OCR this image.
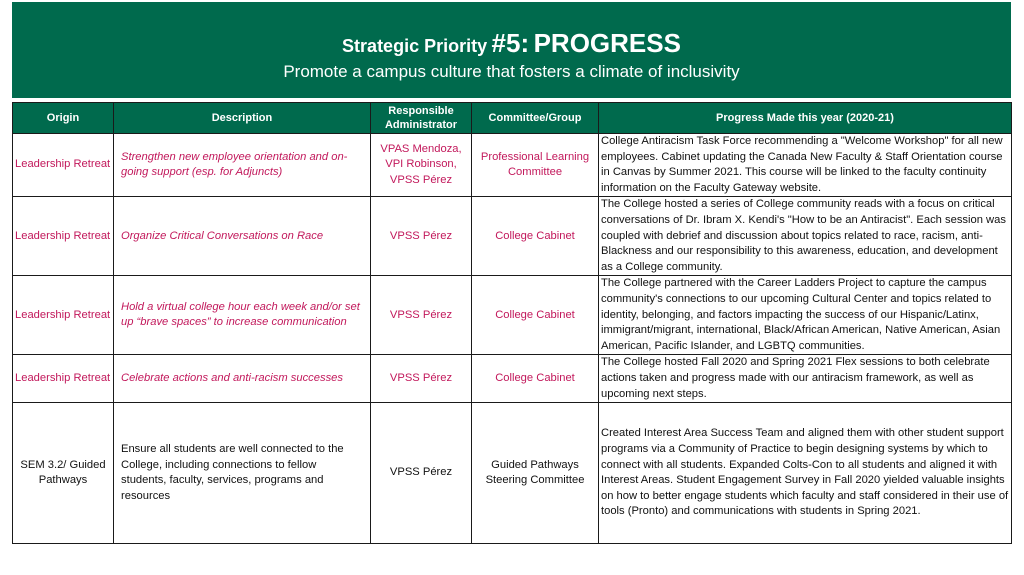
Strategic Priority #5: PROGRESS
Promote a campus culture that fosters a climate of inclusivity
Origin	Description	Responsible Administrator	Committee/Group	Progress Made this year (2020-21)
Leadership Retreat	Strengthen new employee orientation and on-going support (esp. for Adjuncts)	VPAS Mendoza, VPI Robinson, VPSS Pérez	Professional Learning Committee	College Antiracism Task Force recommending a "Welcome Workshop" for all new employees. Cabinet updating the Canada New Faculty & Staff Orientation course in Canvas by Summer 2021. This course will be linked to the faculty continuity information on the Faculty Gateway website.
Leadership Retreat	Organize Critical Conversations on Race	VPSS Pérez	College Cabinet	The College hosted a series of College community reads with a focus on critical conversations of Dr. Ibram X. Kendi's "How to be an Antiracist". Each session was coupled with debrief and discussion about topics related to race, racism, anti-Blackness and our responsibility to this awareness, education, and development as a College community.
Leadership Retreat	Hold a virtual college hour each week and/or set up “brave spaces” to increase communication	VPSS Pérez	College Cabinet	The College partnered with the Career Ladders Project to capture the campus community's connections to our upcoming Cultural Center and topics related to identity, belonging, and factors impacting the success of our Hispanic/Latinx, immigrant/migrant, international, Black/African American, Native American, Asian American, Pacific Islander, and LGBTQ communities.
Leadership Retreat	Celebrate actions and anti-racism successes	VPSS Pérez	College Cabinet	The College hosted Fall 2020 and Spring 2021 Flex sessions to both celebrate actions taken and progress made with our antiracism framework, as well as upcoming next steps.
SEM 3.2/ Guided Pathways	Ensure all students are well connected to the College, including connections to fellow students, faculty, services, programs and resources	VPSS Pérez	Guided Pathways Steering Committee	Created Interest Area Success Team and aligned them with other student support programs via a Community of Practice to begin designing systems by which to connect with all students. Expanded Colts-Con to all students and aligned it with Interest Areas. Student Engagement Survey in Fall 2020 yielded valuable insights on how to better engage students which faculty and staff considered in their use of tools (Pronto) and communications with students in Spring 2021.
